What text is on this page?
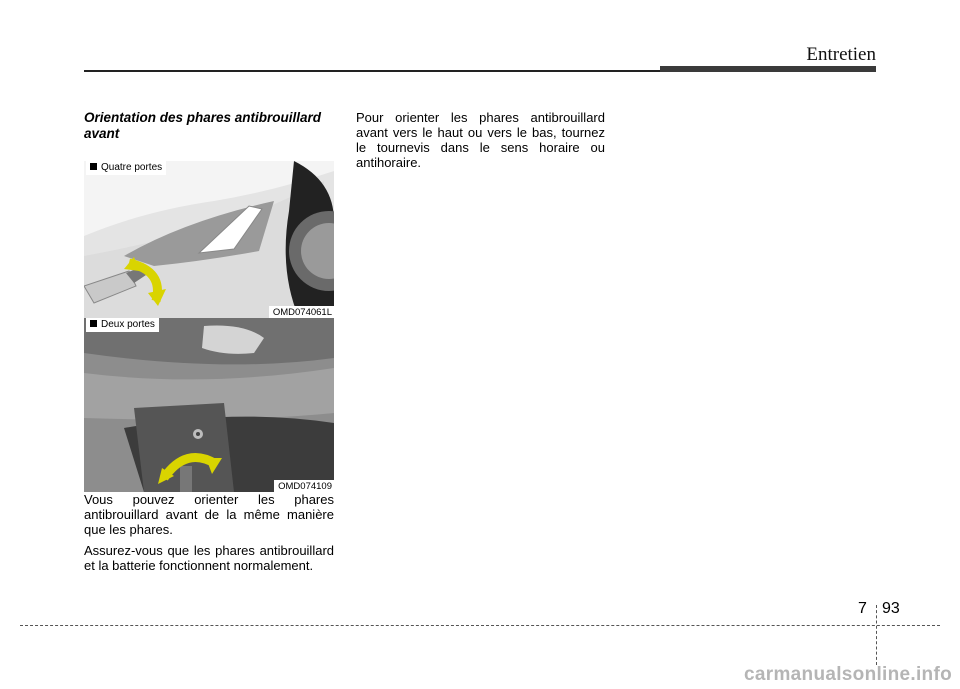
Entretien

Orientation des phares antibrouillard avant

Quatre portes
OMD074061L
Deux portes
OMD074109

Vous pouvez orienter les phares antibrouillard avant de la même manière que les phares.

Assurez-vous que les phares antibrouillard et la batterie fonctionnent normalement.

Pour orienter les phares antibrouillard avant vers le haut ou vers le bas, tournez le tournevis dans le sens horaire ou antihoraire.

7 93
carmanualsonline.info
